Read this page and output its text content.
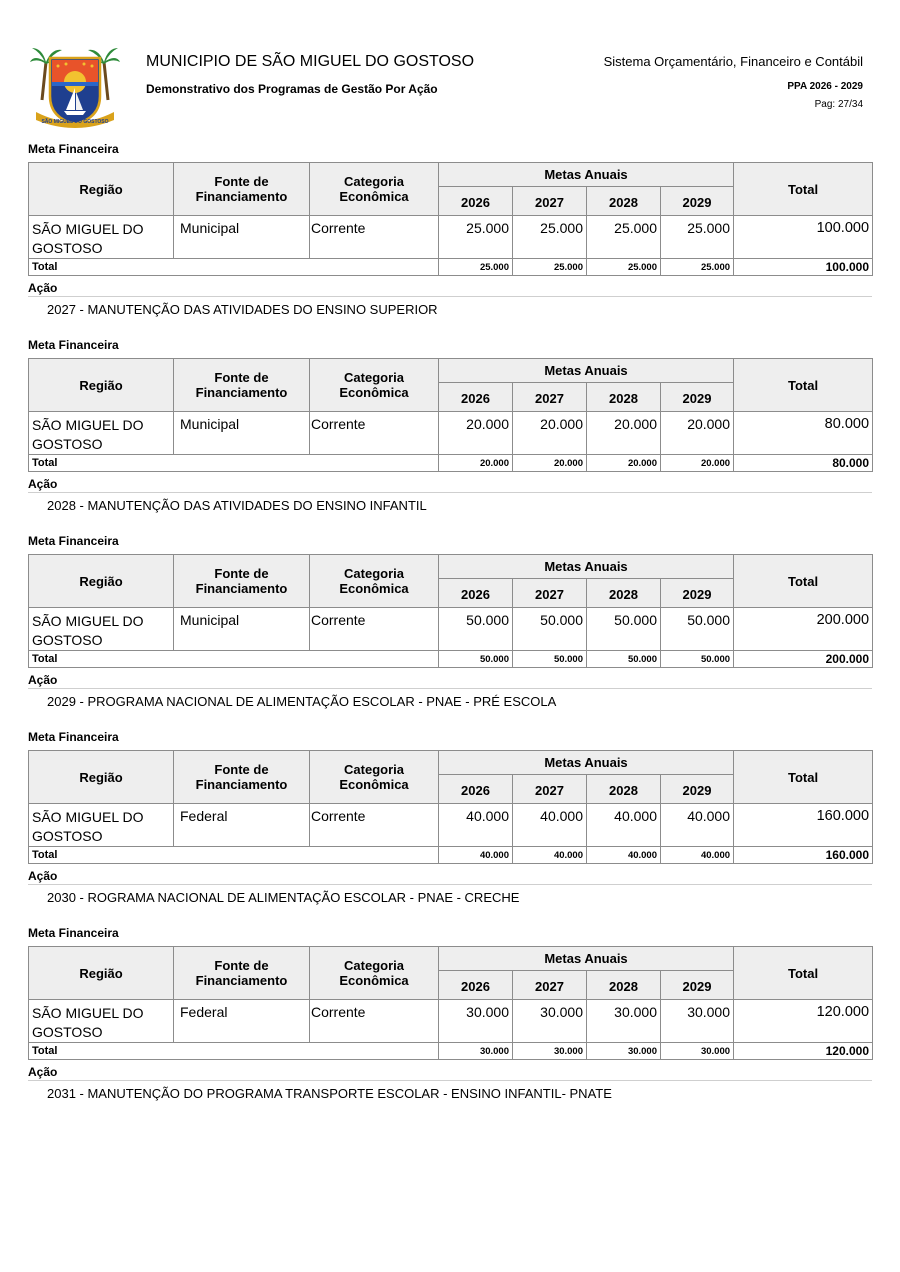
SÃO MIGUEL DO GOSTOSO
MUNICIPIO DE SÃO MIGUEL DO GOSTOSO
Demonstrativo dos Programas de Gestão Por Ação
Sistema Orçamentário, Financeiro e Contábil
PPA 2026 - 2029
Pag: 27/34
Meta Financeira
Região	Fonte de
Financiamento	Categoria
Econômica	Metas Anuais				Total
			2026	2027	2028	2029	
SÃO MIGUEL DO
GOSTOSO	Municipal	Corrente	25.000	25.000	25.000	25.000	100.000
Total			25.000	25.000	25.000	25.000	100.000
Ação
2027 - MANUTENÇÃO DAS ATIVIDADES DO ENSINO SUPERIOR
Meta Financeira
Região	Fonte de
Financiamento	Categoria
Econômica	Metas Anuais				Total
			2026	2027	2028	2029	
SÃO MIGUEL DO
GOSTOSO	Municipal	Corrente	20.000	20.000	20.000	20.000	80.000
Total			20.000	20.000	20.000	20.000	80.000
Ação
2028 - MANUTENÇÃO DAS ATIVIDADES DO ENSINO INFANTIL
Meta Financeira
Região	Fonte de
Financiamento	Categoria
Econômica	Metas Anuais				Total
			2026	2027	2028	2029	
SÃO MIGUEL DO
GOSTOSO	Municipal	Corrente	50.000	50.000	50.000	50.000	200.000
Total			50.000	50.000	50.000	50.000	200.000
Ação
2029 - PROGRAMA NACIONAL DE ALIMENTAÇÃO ESCOLAR - PNAE - PRÉ ESCOLA
Meta Financeira
Região	Fonte de
Financiamento	Categoria
Econômica	Metas Anuais				Total
			2026	2027	2028	2029	
SÃO MIGUEL DO
GOSTOSO	Federal	Corrente	40.000	40.000	40.000	40.000	160.000
Total			40.000	40.000	40.000	40.000	160.000
Ação
2030 - ROGRAMA NACIONAL DE ALIMENTAÇÃO ESCOLAR - PNAE - CRECHE
Meta Financeira
Região	Fonte de
Financiamento	Categoria
Econômica	Metas Anuais				Total
			2026	2027	2028	2029	
SÃO MIGUEL DO
GOSTOSO	Federal	Corrente	30.000	30.000	30.000	30.000	120.000
Total			30.000	30.000	30.000	30.000	120.000
Ação
2031 - MANUTENÇÃO DO PROGRAMA TRANSPORTE ESCOLAR - ENSINO INFANTIL- PNATE
